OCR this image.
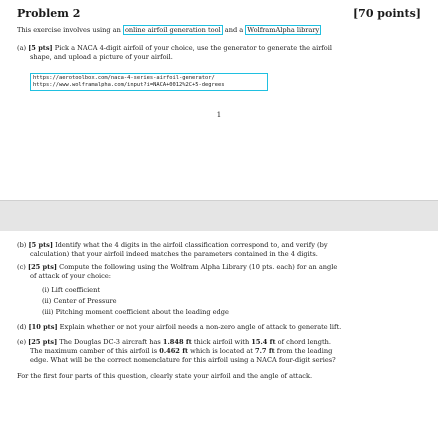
Problem 2	[70 points]
This exercise involves using an online airfoil generation tool and a WolframAlpha library
(a) [5 pts] Pick a NACA 4-digit airfoil of your choice, use the generator to generate the airfoil
shape, and upload a picture of your airfoil.
https://aerotoolbox.com/naca-4-series-airfoil-generator/
https://www.wolframalpha.com/input?i=NACA+0012%2C+5-degrees
1
(b) [5 pts] Identify what the 4 digits in the airfoil classification correspond to, and verify (by
calculation) that your airfoil indeed matches the parameters contained in the 4 digits.
(c) [25 pts] Compute the following using the Wolfram Alpha Library (10 pts. each) for an angle
of attack of your choice:
(i) Lift coefficient
(ii) Center of Pressure
(iii) Pitching moment coefficient about the leading edge
(d) [10 pts] Explain whether or not your airfoil needs a non-zero angle of attack to generate lift.
(e) [25 pts] The Douglas DC-3 aircraft has 1.848 ft thick airfoil with 15.4 ft of chord length.
The maximum camber of this airfoil is 0.462 ft which is located at 7.7 ft from the leading
edge. What will be the correct nomenclature for this airfoil using a NACA four-digit series?
For the first four parts of this question, clearly state your airfoil and the angle of attack.
